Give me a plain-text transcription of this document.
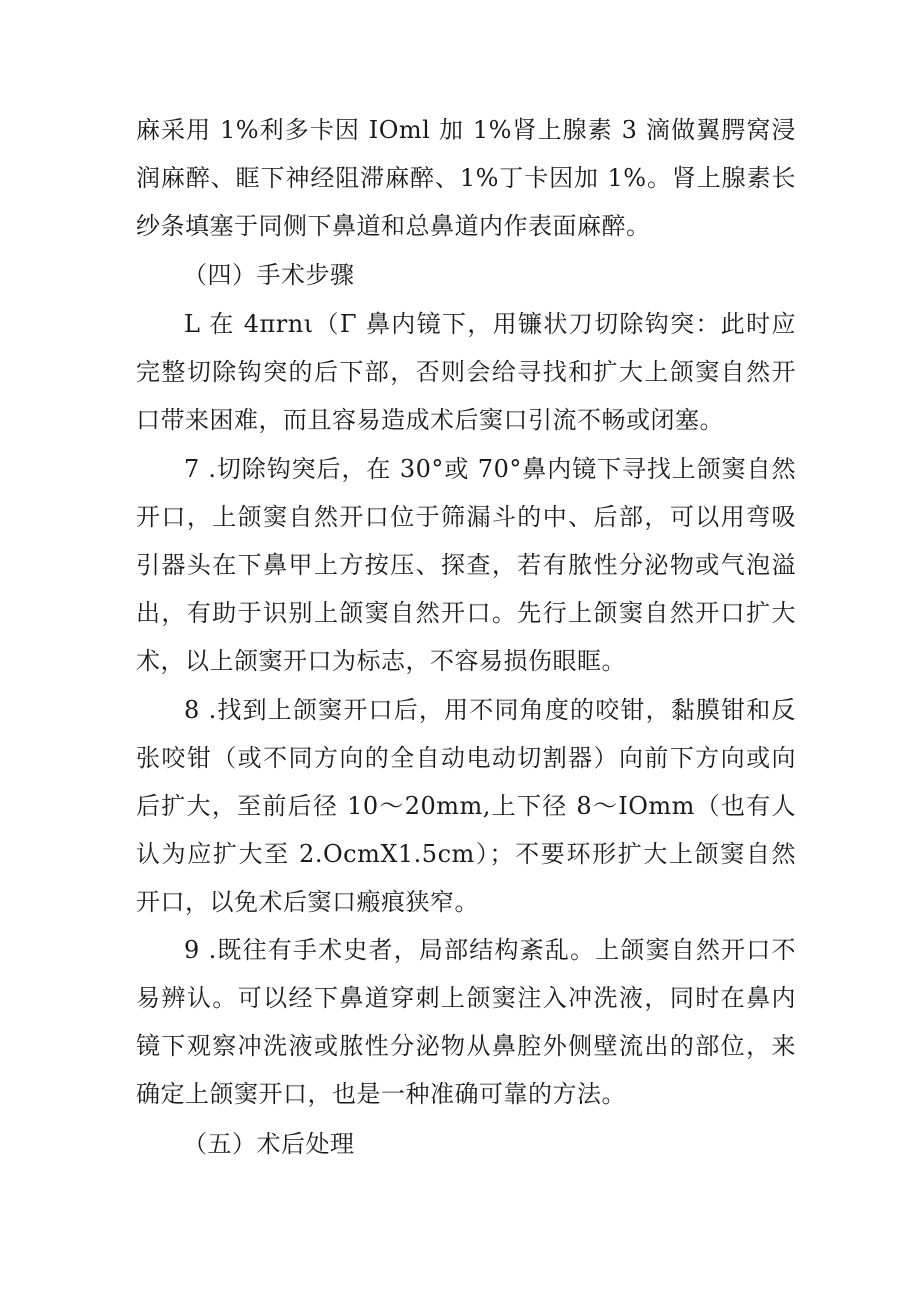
麻采用 1%利多卡因 IOml 加 1%肾上腺素 3 滴做翼腭窝浸润麻醉、眶下神经阻滞麻醉、1%丁卡因加 1%。肾上腺素长纱条填塞于同侧下鼻道和总鼻道内作表面麻醉。

（四）手术步骤

L 在 4πrnι（Γ 鼻内镜下，用镰状刀切除钩突：此时应完整切除钩突的后下部，否则会给寻找和扩大上颌窦自然开口带来困难，而且容易造成术后窦口引流不畅或闭塞。

7 .切除钩突后，在 30°或 70°鼻内镜下寻找上颌窦自然开口，上颌窦自然开口位于筛漏斗的中、后部，可以用弯吸引器头在下鼻甲上方按压、探查，若有脓性分泌物或气泡溢出，有助于识别上颌窦自然开口。先行上颌窦自然开口扩大术，以上颌窦开口为标志，不容易损伤眼眶。

8 .找到上颌窦开口后，用不同角度的咬钳，黏膜钳和反张咬钳（或不同方向的全自动电动切割器）向前下方向或向后扩大，至前后径 10～20mm,上下径 8～IOmm（也有人认为应扩大至 2.OcmX1.5cm）；不要环形扩大上颌窦自然开口，以免术后窦口瘢痕狭窄。

9 .既往有手术史者，局部结构紊乱。上颌窦自然开口不易辨认。可以经下鼻道穿刺上颌窦注入冲洗液，同时在鼻内镜下观察冲洗液或脓性分泌物从鼻腔外侧壁流出的部位，来确定上颌窦开口，也是一种准确可靠的方法。

（五）术后处理
